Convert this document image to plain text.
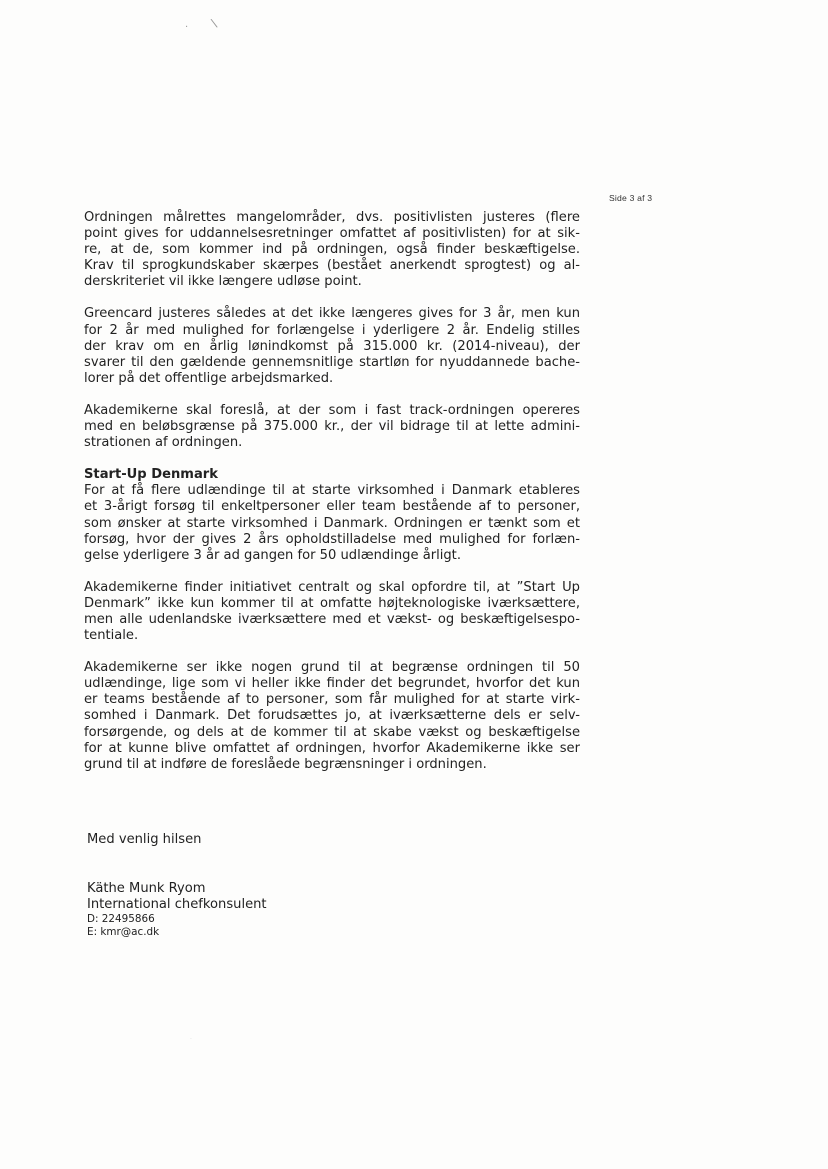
· \
·
Side 3 af 3
Ordningen målrettes mangelområder, dvs. positivlisten justeres (flere
point gives for uddannelsesretninger omfattet af positivlisten) for at sik-
re, at de, som kommer ind på ordningen, også finder beskæftigelse.
Krav til sprogkundskaber skærpes (bestået anerkendt sprogtest) og al-
derskriteriet vil ikke længere udløse point.
Greencard justeres således at det ikke længeres gives for 3 år, men kun
for 2 år med mulighed for forlængelse i yderligere 2 år. Endelig stilles
der krav om en årlig lønindkomst på 315.000 kr. (2014-niveau), der
svarer til den gældende gennemsnitlige startløn for nyuddannede bache-
lorer på det offentlige arbejdsmarked.
Akademikerne skal foreslå, at der som i fast track-ordningen opereres
med en beløbsgrænse på 375.000 kr., der vil bidrage til at lette admini-
strationen af ordningen.
Start-Up Denmark
For at få flere udlændinge til at starte virksomhed i Danmark etableres
et 3-årigt forsøg til enkeltpersoner eller team bestående af to personer,
som ønsker at starte virksomhed i Danmark. Ordningen er tænkt som et
forsøg, hvor der gives 2 års opholdstilladelse med mulighed for forlæn-
gelse yderligere 3 år ad gangen for 50 udlændinge årligt.
Akademikerne finder initiativet centralt og skal opfordre til, at ”Start Up
Denmark” ikke kun kommer til at omfatte højteknologiske iværksættere,
men alle udenlandske iværksættere med et vækst- og beskæftigelsespo-
tentiale.
Akademikerne ser ikke nogen grund til at begrænse ordningen til 50
udlændinge, lige som vi heller ikke finder det begrundet, hvorfor det kun
er teams bestående af to personer, som får mulighed for at starte virk-
somhed i Danmark. Det forudsættes jo, at iværksætterne dels er selv-
forsørgende, og dels at de kommer til at skabe vækst og beskæftigelse
for at kunne blive omfattet af ordningen, hvorfor Akademikerne ikke ser
grund til at indføre de foreslåede begrænsninger i ordningen.
Med venlig hilsen
Käthe Munk Ryom
International chefkonsulent
D: 22495866
E: kmr@ac.dk
